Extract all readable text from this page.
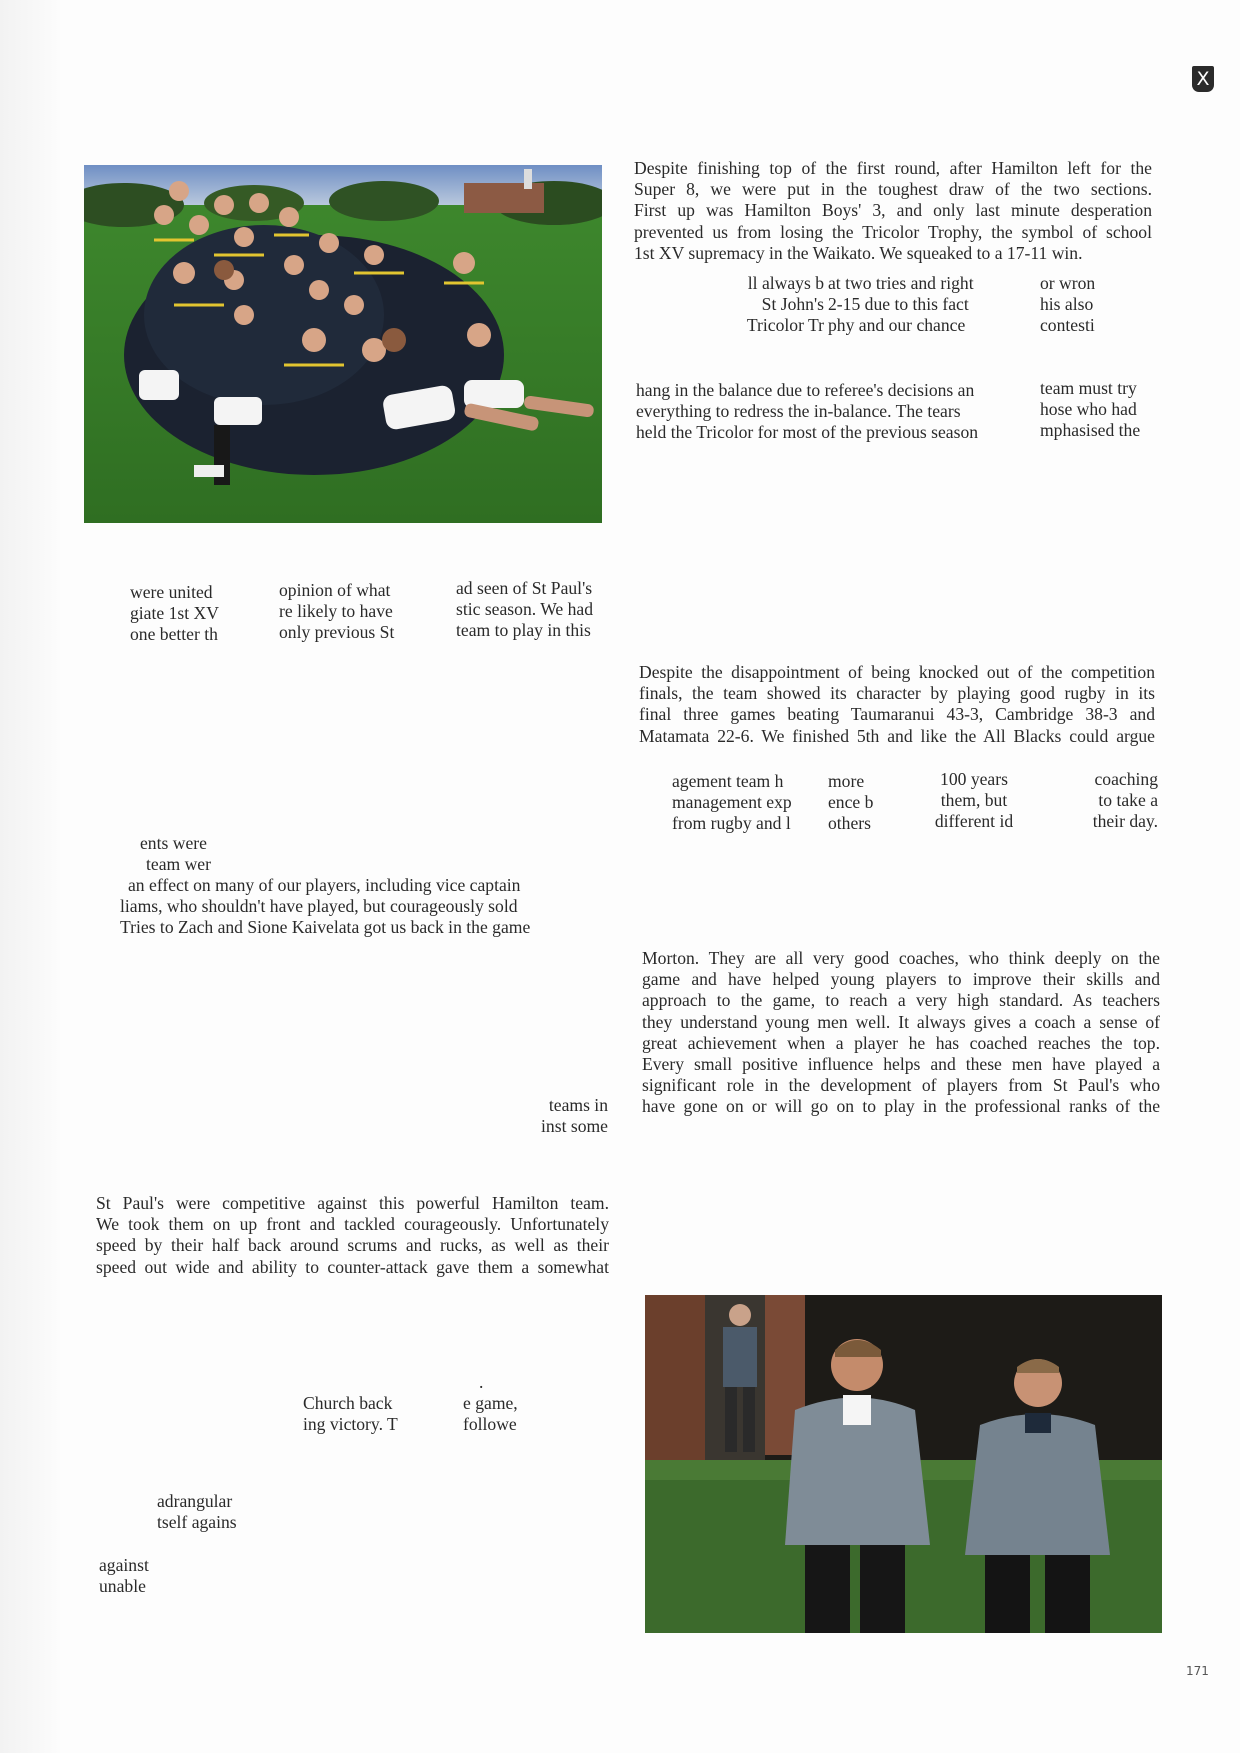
X
Despite finishing top of the first round, after Hamilton left for the
Super 8, we were put in the toughest draw of the two sections.
First up was Hamilton Boys' 3, and only last minute desperation
prevented us from losing the Tricolor Trophy, the symbol of school
1st XV supremacy in the Waikato. We squeaked to a 17-11 win.
ll always b
St John's
Tricolor Tr
at two tries and right
2-15 due to this fact
phy and our chance
or wron
his also
contesti
hang in the balance due to referee's decisions an
everything to redress the in-balance. The tears
held the Tricolor for most of the previous season
team must try
hose who had
mphasised the
Despite the disappointment of being knocked out of the competition
finals, the team showed its character by playing good rugby in its
final three games beating Taumaranui 43-3, Cambridge 38-3 and
Matamata 22-6. We finished 5th and like the All Blacks could argue
agement team h
management exp
from rugby and l
more
ence b
others
100 years
them, but
different id
coaching
to take a
their day.
Morton. They are all very good coaches, who think deeply on the
game and have helped young players to improve their skills and
approach to the game, to reach a very high standard. As teachers
they understand young men well. It always gives a coach a sense of
great achievement when a player he has coached reaches the top.
Every small positive influence helps and these men have played a
significant role in the development of players from St Paul's who
have gone on or will go on to play in the professional ranks of the
were united
giate 1st XV
one better th
opinion of what
re likely to have
only previous St
ad seen of St Paul's
stic season. We had
team to play in this
ents were
team wer
an effect on many of our players, including vice captain
liams, who shouldn't have played, but courageously sold
Tries to Zach and Sione Kaivelata got us back in the game
teams in
inst some
St Paul's were competitive against this powerful Hamilton team.
We took them on up front and tackled courageously. Unfortunately
speed by their half back around scrums and rucks, as well as their
speed out wide and ability to counter-attack gave them a somewhat
Church back
ing victory. T
.
e game,
followe
adrangular
tself agains
against
unable
171
